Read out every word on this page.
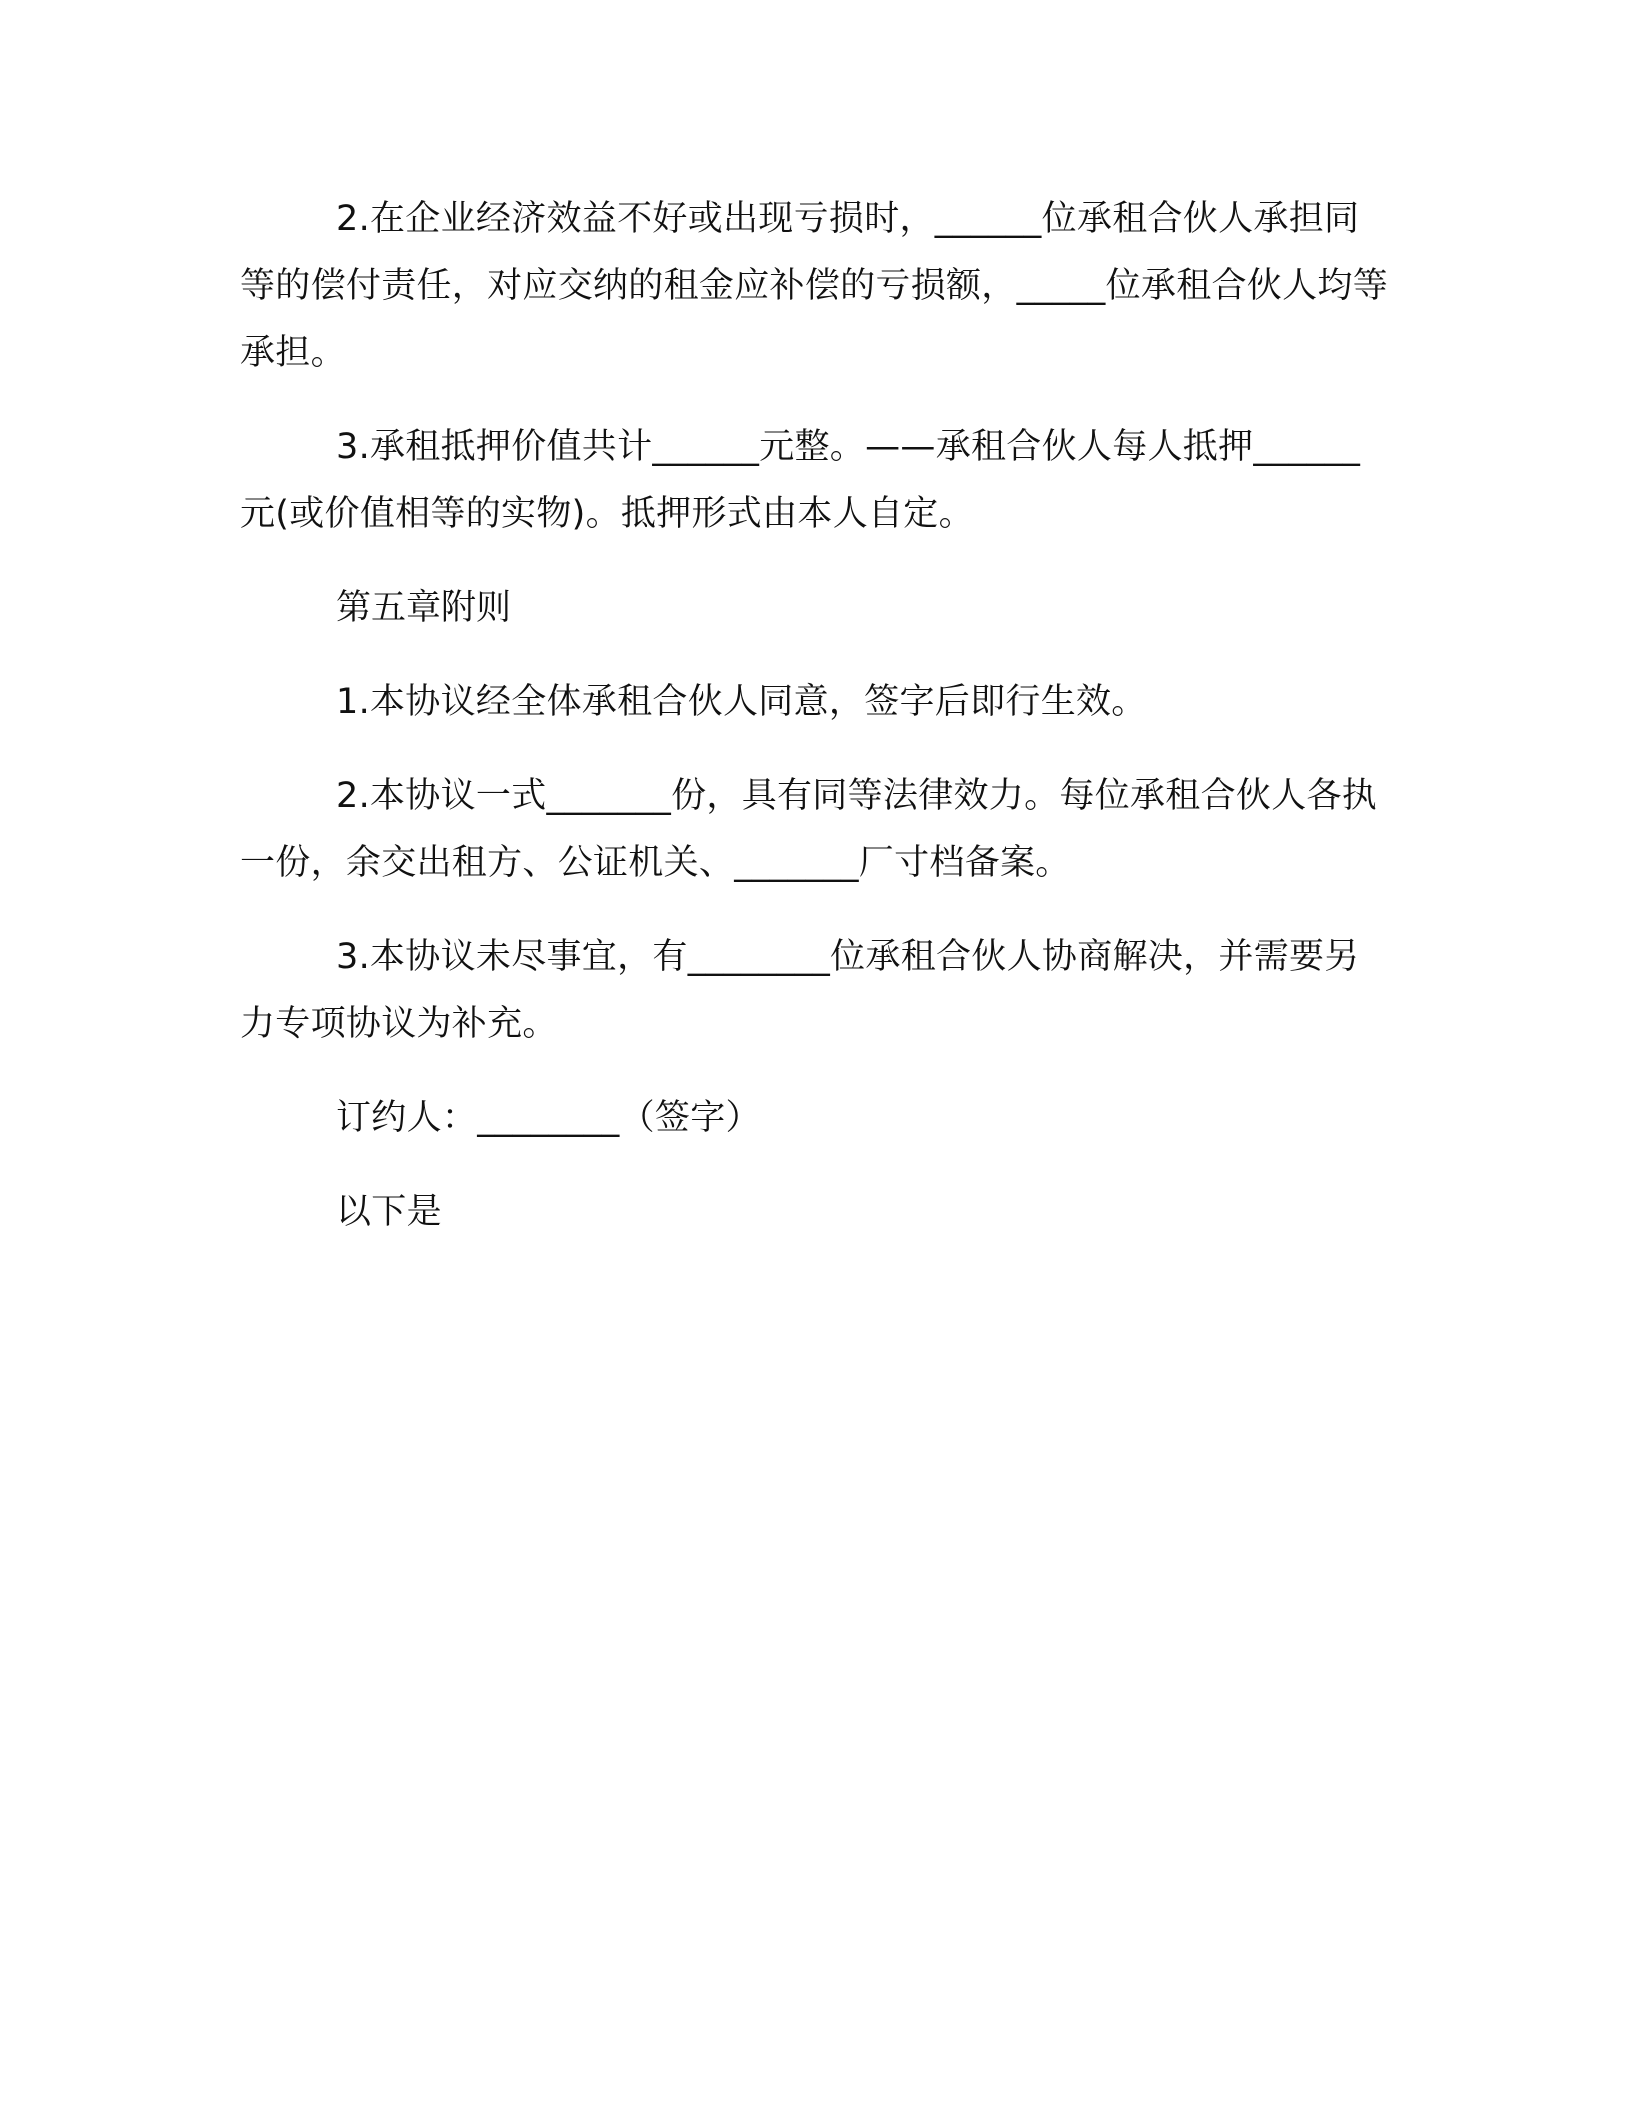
2.在企业经济效益不好或出现亏损时，______位承租合伙人承担同等的偿付责任，对应交纳的租金应补偿的亏损额，_____位承租合伙人均等承担。

3.承租抵押价值共计______元整。——承租合伙人每人抵押______元(或价值相等的实物)。抵押形式由本人自定。

第五章附则

1.本协议经全体承租合伙人同意，签字后即行生效。

2.本协议一式_______份，具有同等法律效力。每位承租合伙人各执一份，余交出租方、公证机关、_______厂寸档备案。

3.本协议未尽事宜，有________位承租合伙人协商解决，并需要另力专项协议为补充。

订约人：________（签字）

以下是
